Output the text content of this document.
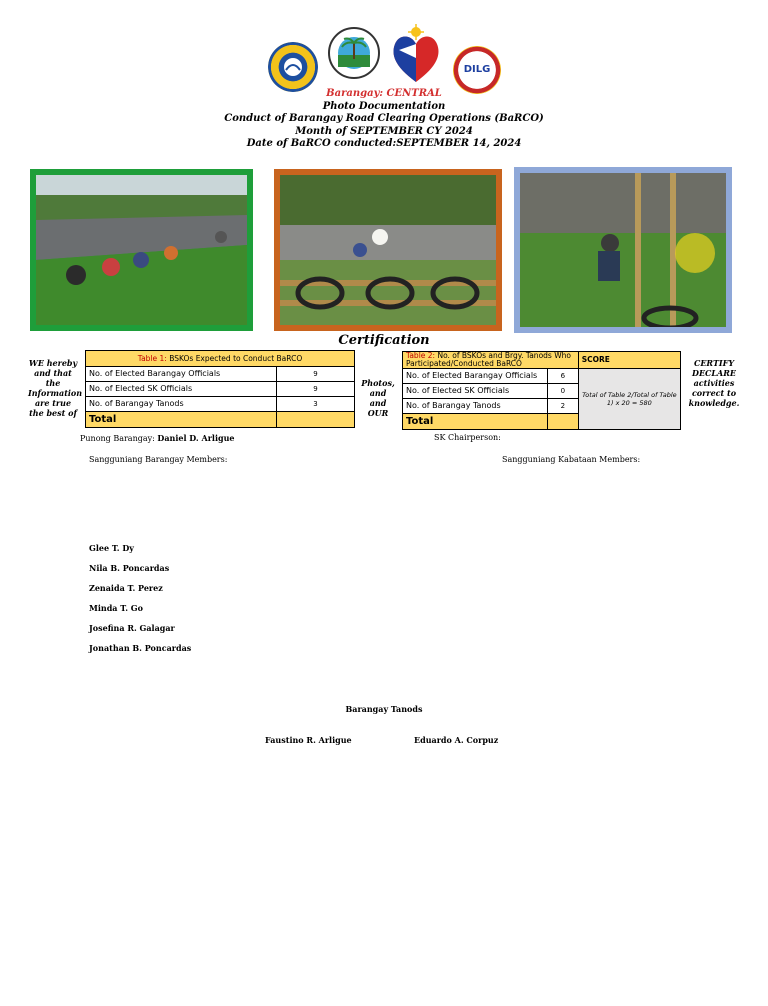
DILG
Barangay: CENTRAL
Photo Documentation
Conduct of Barangay Road Clearing Operations (BaRCO)
Month of SEPTEMBER CY 2024
Date of BaRCO conducted:SEPTEMBER 14, 2024
Certification
WE hereby and that the Information are true the best of
Photos, and and OUR
CERTIFY DECLARE activities correct to knowledge.
Table 1: BSKOs Expected to Conduct BaRCO	
No. of Elected Barangay Officials	9
No. of Elected SK Officials	9
No. of Barangay Tanods	3
Total	
Table 2: No. of BSKOs and Brgy. Tanods Who Participated/Conducted BaRCO		SCORE
No. of Elected Barangay Officials	6	Total of Table 2/Total of Table 1) x 20 = 580
No. of Elected SK Officials	0	
No. of Barangay Tanods	2	
Total		
Punong Barangay: Daniel D. Arligue	SK Chairperson:
Sangguniang Barangay Members:	Sangguniang Kabataan Members:
Glee T. Dy
Nila B. Poncardas
Zenaida T. Perez
Minda T. Go
Josefina R. Galagar
Jonathan B. Poncardas
Barangay Tanods
Faustino R. Arligue	Eduardo A. Corpuz
